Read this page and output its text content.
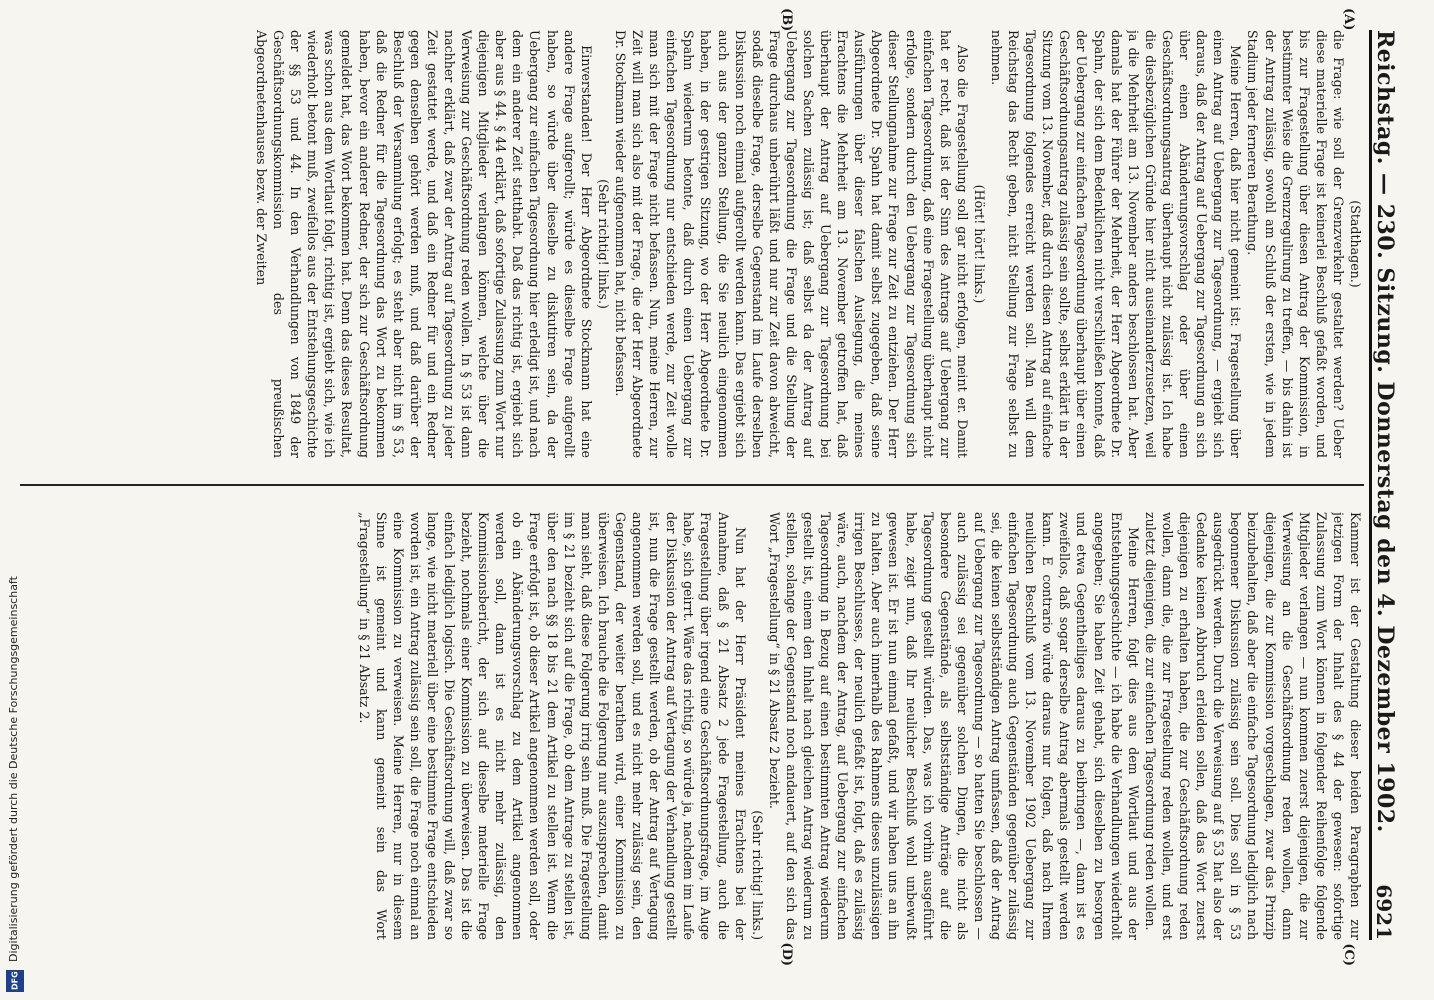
Reichstag. — 230. Sitzung. Donnerstag den 4. Dezember 1902.
6921

(Stadthagen.)

die Frage: wie soll der Grenzverkehr gestaltet werden? Ueber diese materielle Frage ist keinerlei Beschluß gefaßt worden, und bis zur Fragestellung über diesen Antrag der Kommission, in bestimmter Weise die Grenzregulirung zu treffen, — bis dahin ist der Antrag zulässig, sowohl am Schluß der ersten, wie in jedem Stadium jeder ferneren Berathung.

Meine Herren, daß hier nicht gemeint ist: Fragestellung über einen Antrag auf Uebergang zur Tagesordnung, — ergiebt sich daraus, daß der Antrag auf Uebergang zur Tagesordnung an sich über einen Abänderungsvorschlag oder über einen Geschäftsordnungsantrag überhaupt nicht zulässig ist. Ich habe die diesbezüglichen Gründe hier nicht auseinanderzusetzen, weil ja die Mehrheit am 13. November anders beschlossen hat. Aber damals hat der Führer der Mehrheit, der Herr Abgeordnete Dr. Spahn, der sich dem Bedenklichen nicht verschließen konnte, daß der Uebergang zur einfachen Tagesordnung überhaupt über einen Geschäftsordnungsantrag zulässig sein sollte, selbst erklärt in der Sitzung vom 13. November, daß durch diesen Antrag auf einfache Tagesordnung folgendes erreicht werden soll. Man will dem Reichstag das Recht geben, nicht Stellung zur Frage selbst zu nehmen.

(Hört! hört! links.)

Also die Fragestellung soll gar nicht erfolgen, meint er. Damit hat er recht, daß ist der Sinn des Antrags auf Uebergang zur einfachen Tagesordnung, daß eine Fragestellung überhaupt nicht erfolge, sondern durch den Uebergang zur Tagesordnung sich dieser Stellungnahme zur Frage zur Zeit zu entziehen. Der Herr Abgeordnete Dr. Spahn hat damit selbst zugegeben, daß seine Ausführungen über dieser falschen Auslegung, die meines Erachtens die Mehrheit am 13. November getroffen hat, daß überhaupt der Antrag auf Uebergang zur Tagesordnung bei solchen Sachen zulässig ist; daß selbst da der Antrag auf Uebergang zur Tagesordnung die Frage und die Stellung der Frage durchaus unberührt läßt und nur zur Zeit davon abweicht, sodaß dieselbe Frage, derselbe Gegenstand im Laufe derselben Diskussion noch einmal aufgerollt werden kann. Das ergiebt sich auch aus der ganzen Stellung, die Sie neulich eingenommen haben, in der gestrigen Sitzung, wo der Herr Abgeordnete Dr. Spahn wiederum betonte, daß durch einen Uebergang zur einfachen Tagesordnung nur entschieden werde, zur Zeit wolle man sich mit der Frage nicht befassen. Nun, meine Herren, zur Zeit will man sich also mit der Frage, die der Herr Abgeordnete Dr. Stockmann wieder aufgenommen hat, nicht befassen.

(Sehr richtig! links.)

Einverstanden! Der Herr Abgeordnete Stockmann hat eine andere Frage aufgerollt; würde es dieselbe Frage aufgerollt haben, so würde über dieselbe zu diskutiren sein, da der Uebergang zur einfachen Tagesordnung hier erledigt ist, und nach dem ein anderer Zeit statthabt. Daß das richtig ist, ergiebt sich aber aus § 44. § 44 erklärt, daß sofortige Zulassung zum Wort nur diejenigen Mitglieder verlangen können, welche über die Verweisung zur Geschäftsordnung reden wollen. In § 53 ist dann nachher erklärt, daß zwar der Antrag auf Tagesordnung zu jeder Zeit gestattet werde, und daß ein Redner für und ein Redner gegen denselben gehört werden muß, und daß darüber der Beschluß der Versammlung erfolgt; es steht aber nicht im § 53, daß die Redner für die Tagesordnung das Wort zu bekommen haben, bevor ein anderer Redner, der sich zur Geschäftsordnung gemeldet hat, das Wort bekommen hat. Denn das dieses Resultat, was schon aus dem Wortlaut folgt, richtig ist, ergiebt sich, wie ich wiederholt betont muß, zweifellos aus der Entstehungsgeschichte der §§ 53 und 44. In den Verhandlungen von 1849 der Geschäftsordnungskommission des preußischen Abgeordnetenhauses bezw. der Zweiten

Kammer ist der Gestaltung dieser beiden Paragraphen zur jetzigen Form der Inhalt des § 44 der gewesen: sofortige Zulassung zum Wort können in folgender Reihenfolge folgende Mitglieder verlangen — nun kommen zuerst diejenigen, die zur Verweisung an die Geschäftsordnung reden wollen, dann diejenigen, die zur Kommission vorgeschlagen, zwar das Prinzip beizubehalten, daß aber die einfache Tagesordnung lediglich nach begonnener Diskussion zulässig sein soll. Dies soll in § 53 ausgedrückt werden. Durch die Verweisung auf § 53 hat also der Gedanke keinen Abbruch erleiden sollen, daß das Wort zuerst diejenigen zu erhalten haben, die zur Geschäftsordnung reden wollen, dann die, die zur Fragestellung reden wollen, und erst zuletzt diejenigen, die zur einfachen Tagesordnung reden wollen.

Meine Herren, folgt dies aus dem Wortlaut und aus der Entstehungsgeschichte — ich habe die Verhandlungen wiederholt angegeben; Sie haben Zeit gehabt, sich dieselben zu besorgen und etwa Gegentheiliges daraus zu beibringen —, dann ist es zweifellos, daß sogar derselbe Antrag abermals gestellt werden kann. E contrario würde daraus nur folgen, daß nach Ihrem neulichen Beschluß vom 13. November 1902 Uebergang zur einfachen Tagesordnung auch Gegenständen gegenüber zulässig sei, die keinen selbstständigen Antrag umfassen, daß der Antrag auf Uebergang zur Tagesordnung — so hatten Sie beschlossen — auch zulässig sei gegenüber solchen Dingen, die nicht als besondere Gegenstände, als selbstständige Anträge auf die Tagesordnung gestellt würden. Das, was ich vorhin ausgeführt habe, zeigt nun, daß Ihr neulicher Beschluß wohl unbewußt gewesen ist. Er ist nun einmal gefaßt, und wir haben uns an ihn zu halten. Aber auch innerhalb des Rahmens dieses unzulässigen irrigen Beschlusses, der neulich gefaßt ist, folgt, daß es zulässig wäre, auch, nachdem der Antrag, auf Uebergang zur einfachen Tagesordnung in Bezug auf einen bestimmten Antrag wiederum gestellt ist, einem den Inhalt nach gleichen Antrag wiederum zu stellen, solange der Gegenstand noch andauert, auf den sich das Wort „Fragestellung“ in § 21 Absatz 2 bezieht.

(Sehr richtig! links.)

Nun hat der Herr Präsident meines Erachtens bei der Annahme, daß § 21 Absatz 2 jede Fragestellung, auch die Fragestellung über irgend eine Geschäftsordnungsfrage, im Auge habe, sich geirrt. Wäre das richtig, so würde ja, nachdem im Laufe der Diskussion der Antrag auf Vertagung der Verhandlung gestellt ist, nun die Frage gestellt werden, ob der Antrag auf Vertagung angenommen werden soll, und es nicht mehr zulässig sein, den Gegenstand, der weiter berathen wird, einer Kommission zu überweisen. Ich brauche die Folgerung nur auszusprechen, damit man sieht, daß diese Folgerung irrig sein muß. Die Fragestellung im § 21 bezieht sich auf die Frage, ob dem Antrage zu stellen ist, über den nach §§ 18 bis 21 dem Artikel zu stellen ist. Wenn die Frage erfolgt ist, ob dieser Artikel angenommen werden soll, oder ob ein Abänderungsvorschlag zu dem Artikel angenommen werden soll, dann ist es nicht mehr zulässig, den Kommissionsbericht, der sich auf dieselbe materielle Frage bezieht, nochmals einer Kommission zu überweisen. Das ist die einfach lediglich logisch. Die Geschäftsordnung will, daß zwar so lange, wie nicht materiell über eine bestimmte Frage entschieden worden ist, ein Antrag zulässig sein soll, die Frage noch einmal an eine Kommission zu verweisen. Meine Herren, nur in diesem Sinne ist gemeint und kann gemeint sein das Wort „Fragestellung“ in § 21 Absatz 2.

(A)
(B)
(C)
(D)
Digitalisierung gefördert durch die Deutsche Forschungsgemeinschaft
DFG
